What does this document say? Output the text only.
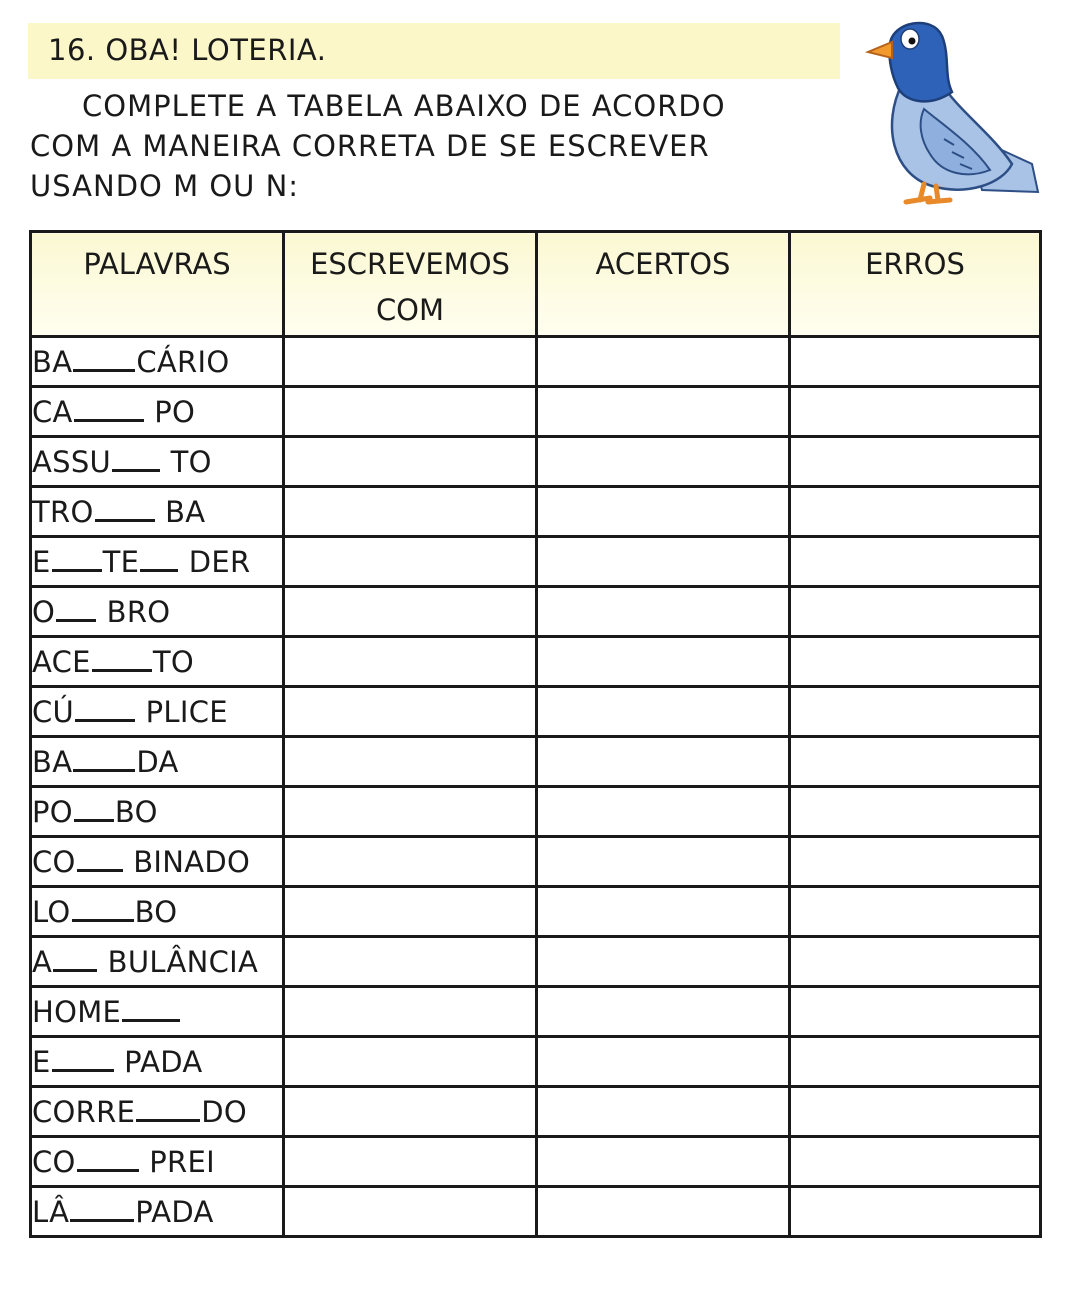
16. OBA! LOTERIA.
COMPLETE A TABELA ABAIXO DE ACORDO
COM A MANEIRA CORRETA DE SE ESCREVER
USANDO M OU N:
PALAVRAS	ESCREVEMOS COM	ACERTOS	ERROS
BA CÁRIO			
CA PO			
ASSU TO			
TRO BA			
E TE DER			
O BRO			
ACE TO			
CÚ PLICE			
BA DA			
PO BO			
CO BINADO			
LO BO			
A BULÂNCIA			
HOME			
E PADA			
CORRE DO			
CO PREI			
LÂ PADA			
